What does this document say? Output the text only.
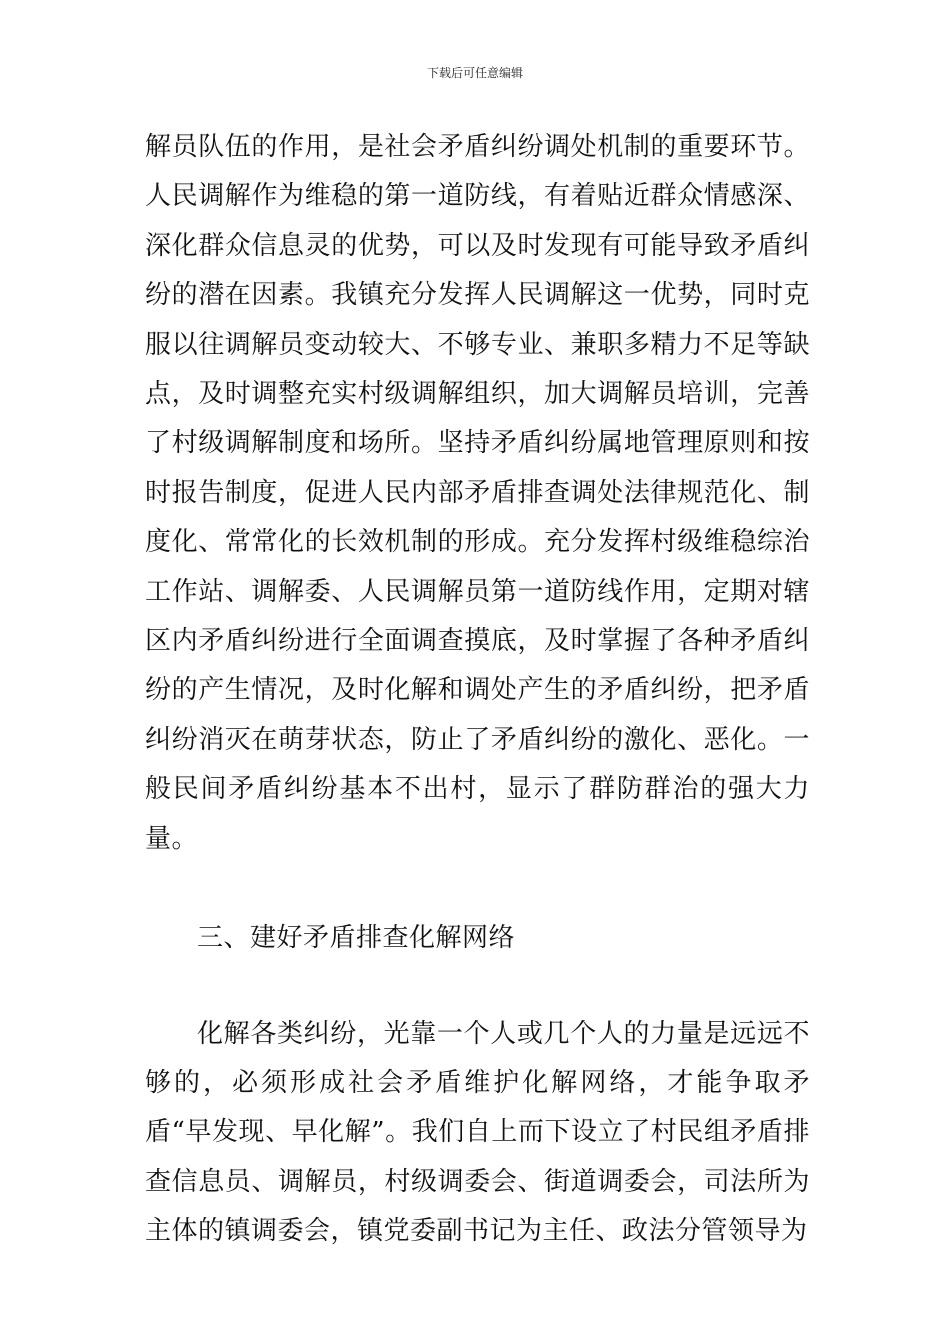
下载后可任意编辑

解员队伍的作用，是社会矛盾纠纷调处机制的重要环节。人民调解作为维稳的第一道防线，有着贴近群众情感深、深化群众信息灵的优势，可以及时发现有可能导致矛盾纠纷的潜在因素。我镇充分发挥人民调解这一优势，同时克服以往调解员变动较大、不够专业、兼职多精力不足等缺点，及时调整充实村级调解组织，加大调解员培训，完善了村级调解制度和场所。坚持矛盾纠纷属地管理原则和按时报告制度，促进人民内部矛盾排查调处法律规范化、制度化、常常化的长效机制的形成。充分发挥村级维稳综治工作站、调解委、人民调解员第一道防线作用，定期对辖区内矛盾纠纷进行全面调查摸底，及时掌握了各种矛盾纠纷的产生情况，及时化解和调处产生的矛盾纠纷，把矛盾纠纷消灭在萌芽状态，防止了矛盾纠纷的激化、恶化。一般民间矛盾纠纷基本不出村，显示了群防群治的强大力量。

三、建好矛盾排查化解网络

化解各类纠纷，光靠一个人或几个人的力量是远远不够的，必须形成社会矛盾维护化解网络，才能争取矛盾“早发现、早化解”。我们自上而下设立了村民组矛盾排查信息员、调解员，村级调委会、街道调委会，司法所为主体的镇调委会，镇党委副书记为主任、政法分管领导为
